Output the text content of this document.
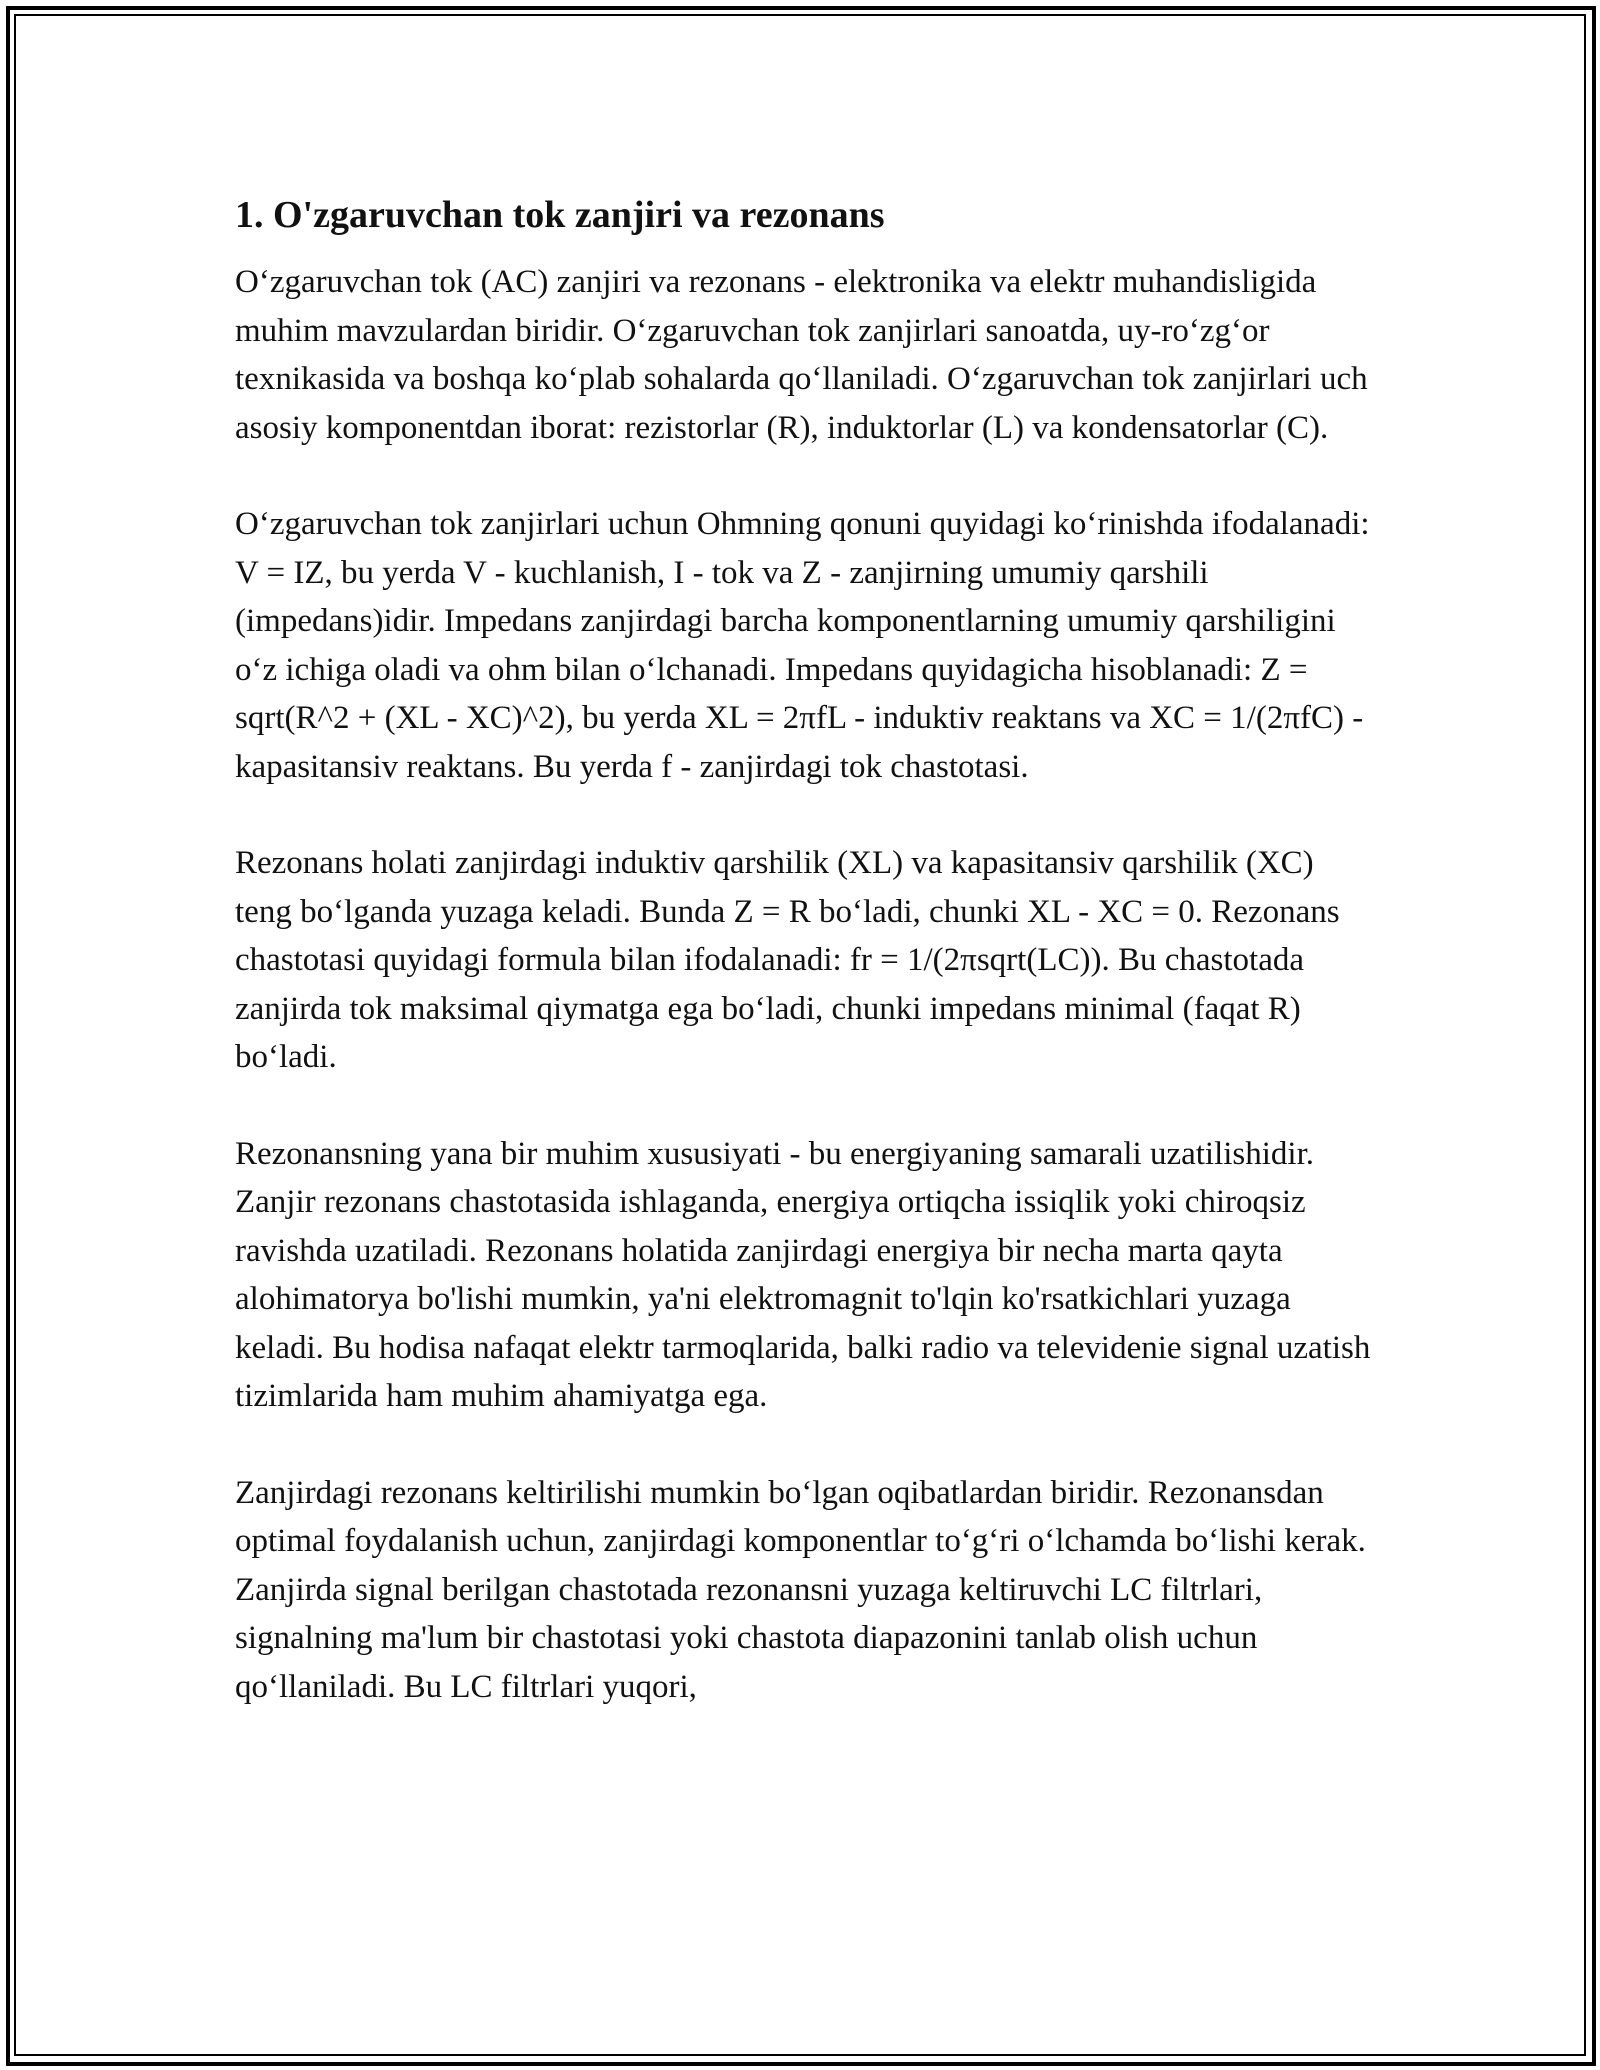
1. O'zgaruvchan tok zanjiri va rezonans

O‘zgaruvchan tok (AC) zanjiri va rezonans - elektronika va elektr muhandisligida muhim mavzulardan biridir. O‘zgaruvchan tok zanjirlari sanoatda, uy-ro‘zg‘or texnikasida va boshqa ko‘plab sohalarda qo‘llaniladi. O‘zgaruvchan tok zanjirlari uch asosiy komponentdan iborat: rezistorlar (R), induktorlar (L) va kondensatorlar (C).

O‘zgaruvchan tok zanjirlari uchun Ohmning qonuni quyidagi ko‘rinishda ifodalanadi: V = IZ, bu yerda V - kuchlanish, I - tok va Z - zanjirning umumiy qarshili (impedans)idir. Impedans zanjirdagi barcha komponentlarning umumiy qarshiligini o‘z ichiga oladi va ohm bilan o‘lchanadi. Impedans quyidagicha hisoblanadi: Z = sqrt(R^2 + (XL - XC)^2), bu yerda XL = 2πfL - induktiv reaktans va XC = 1/(2πfC) - kapasitansiv reaktans. Bu yerda f - zanjirdagi tok chastotasi.

Rezonans holati zanjirdagi induktiv qarshilik (XL) va kapasitansiv qarshilik (XC) teng bo‘lganda yuzaga keladi. Bunda Z = R bo‘ladi, chunki XL - XC = 0. Rezonans chastotasi quyidagi formula bilan ifodalanadi: fr = 1/(2πsqrt(LC)). Bu chastotada zanjirda tok maksimal qiymatga ega bo‘ladi, chunki impedans minimal (faqat R) bo‘ladi.

Rezonansning yana bir muhim xususiyati - bu energiyaning samarali uzatilishidir. Zanjir rezonans chastotasida ishlaganda, energiya ortiqcha issiqlik yoki chiroqsiz ravishda uzatiladi. Rezonans holatida zanjirdagi energiya bir necha marta qayta alohimatorya bo'lishi mumkin, ya'ni elektromagnit to'lqin ko'rsatkichlari yuzaga keladi. Bu hodisa nafaqat elektr tarmoqlarida, balki radio va televidenie signal uzatish tizimlarida ham muhim ahamiyatga ega.

Zanjirdagi rezonans keltirilishi mumkin bo‘lgan oqibatlardan biridir. Rezonansdan optimal foydalanish uchun, zanjirdagi komponentlar to‘g‘ri o‘lchamda bo‘lishi kerak. Zanjirda signal berilgan chastotada rezonansni yuzaga keltiruvchi LC filtrlari, signalning ma'lum bir chastotasi yoki chastota diapazonini tanlab olish uchun qo‘llaniladi. Bu LC filtrlari yuqori,
